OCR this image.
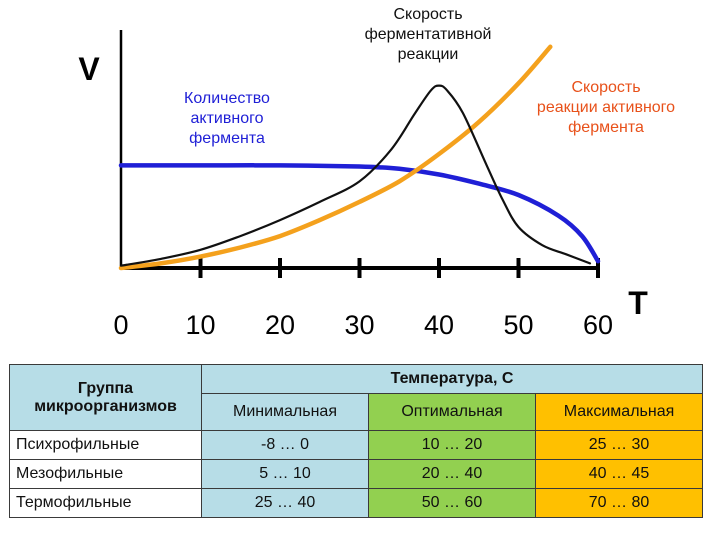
0 10 20 30 40 50 60
V
T
Количество активного фермента
Скорость ферментативной реакции
Скорость реакции активного фермента
Группа микроорганизмов	Температура, С		
	Минимальная	Оптимальная	Максимальная
Психрофильные	-8 … 0	10 … 20	25 … 30
Мезофильные	5 … 10	20 … 40	40 … 45
Термофильные	25 … 40	50 … 60	70 … 80
